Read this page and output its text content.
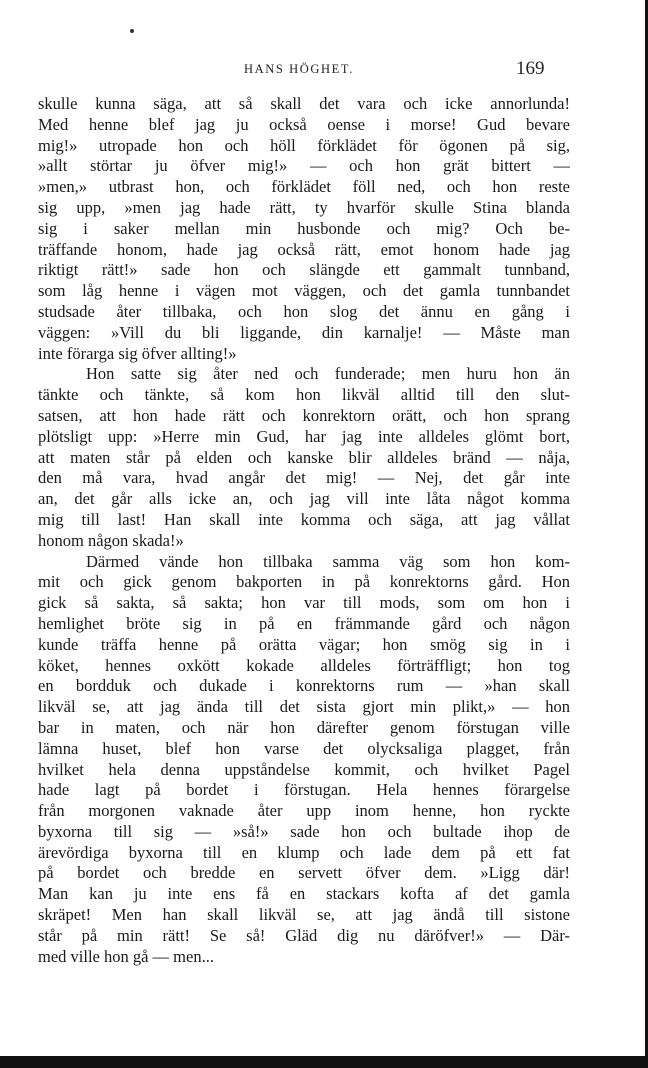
HANS HÖGHET.	169
skulle kunna säga, att så skall det vara och icke annorlunda!
Med henne blef jag ju också oense i morse! Gud bevare
mig!» utropade hon och höll förklädet för ögonen på sig,
»allt störtar ju öfver mig!» — och hon grät bittert —
»men,» utbrast hon, och förklädet föll ned, och hon reste
sig upp, »men jag hade rätt, ty hvarför skulle Stina blanda
sig i saker mellan min husbonde och mig? Och be-
träffande honom, hade jag också rätt, emot honom hade jag
riktigt rätt!» sade hon och slängde ett gammalt tunnband,
som låg henne i vägen mot väggen, och det gamla tunnbandet
studsade åter tillbaka, och hon slog det ännu en gång i
väggen: »Vill du bli liggande, din karnalje! — Måste man
inte förarga sig öfver allting!»
Hon satte sig åter ned och funderade; men huru hon än
tänkte och tänkte, så kom hon likväl alltid till den slut-
satsen, att hon hade rätt och konrektorn orätt, och hon sprang
plötsligt upp: »Herre min Gud, har jag inte alldeles glömt bort,
att maten står på elden och kanske blir alldeles bränd — nåja,
den må vara, hvad angår det mig! — Nej, det går inte
an, det går alls icke an, och jag vill inte låta något komma
mig till last! Han skall inte komma och säga, att jag vållat
honom någon skada!»
Därmed vände hon tillbaka samma väg som hon kom-
mit och gick genom bakporten in på konrektorns gård. Hon
gick så sakta, så sakta; hon var till mods, som om hon i
hemlighet bröte sig in på en främmande gård och någon
kunde träffa henne på orätta vägar; hon smög sig in i
köket, hennes oxkött kokade alldeles förträffligt; hon tog
en bordduk och dukade i konrektorns rum — »han skall
likväl se, att jag ända till det sista gjort min plikt,» — hon
bar in maten, och när hon därefter genom förstugan ville
lämna huset, blef hon varse det olycksaliga plagget, från
hvilket hela denna uppståndelse kommit, och hvilket Pagel
hade lagt på bordet i förstugan. Hela hennes förargelse
från morgonen vaknade åter upp inom henne, hon ryckte
byxorna till sig — »så!» sade hon och bultade ihop de
ärevördiga byxorna till en klump och lade dem på ett fat
på bordet och bredde en servett öfver dem. »Ligg där!
Man kan ju inte ens få en stackars kofta af det gamla
skräpet! Men han skall likväl se, att jag ändå till sistone
står på min rätt! Se så! Gläd dig nu däröfver!» — Där-
med ville hon gå — men...
